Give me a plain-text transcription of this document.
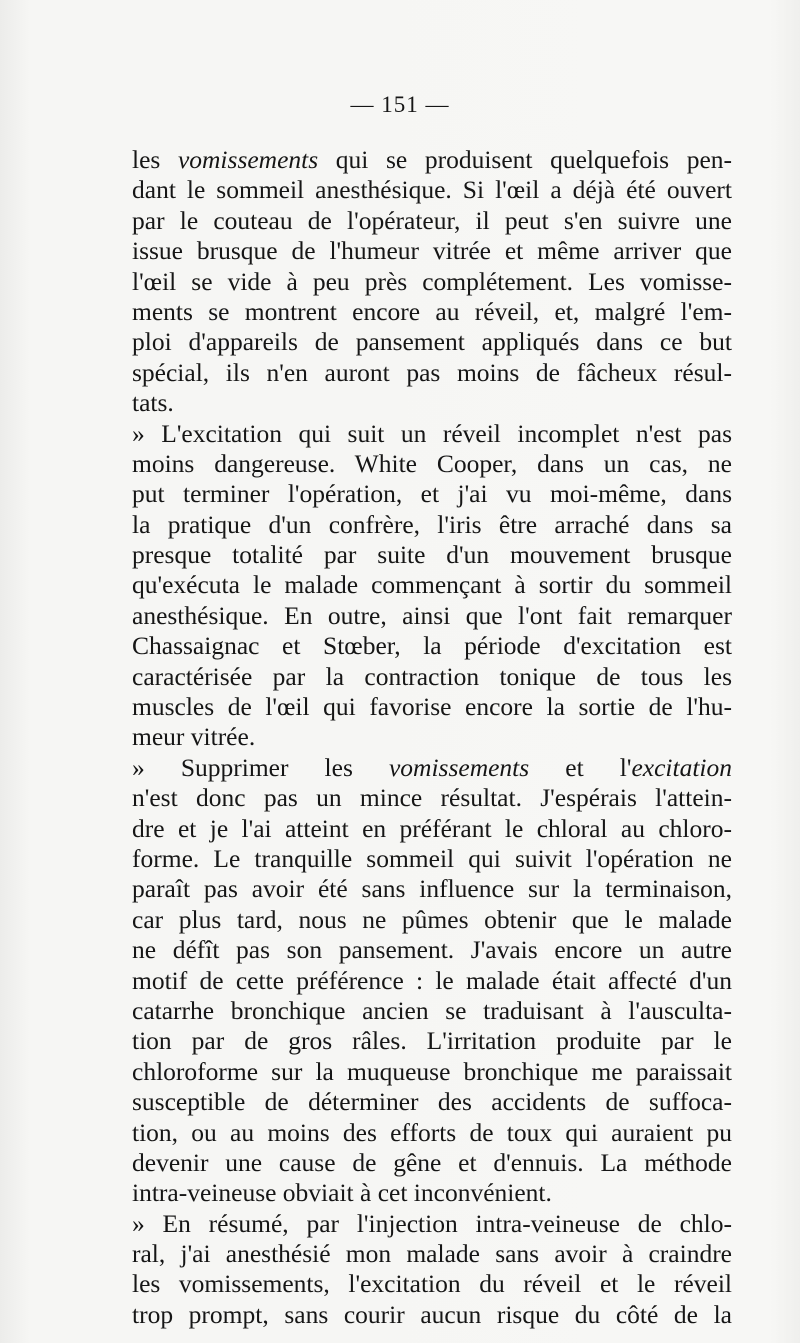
— 151 —
les vomissements qui se produisent quelquefois pen-
dant le sommeil anesthésique. Si l'œil a déjà été ouvert
par le couteau de l'opérateur, il peut s'en suivre une
issue brusque de l'humeur vitrée et même arriver que
l'œil se vide à peu près complétement. Les vomisse-
ments se montrent encore au réveil, et, malgré l'em-
ploi d'appareils de pansement appliqués dans ce but
spécial, ils n'en auront pas moins de fâcheux résul-
tats.
» L'excitation qui suit un réveil incomplet n'est pas
moins dangereuse. White Cooper, dans un cas, ne
put terminer l'opération, et j'ai vu moi-même, dans
la pratique d'un confrère, l'iris être arraché dans sa
presque totalité par suite d'un mouvement brusque
qu'exécuta le malade commençant à sortir du sommeil
anesthésique. En outre, ainsi que l'ont fait remarquer
Chassaignac et Stœber, la période d'excitation est
caractérisée par la contraction tonique de tous les
muscles de l'œil qui favorise encore la sortie de l'hu-
meur vitrée.
» Supprimer les vomissements et l'excitation
n'est donc pas un mince résultat. J'espérais l'attein-
dre et je l'ai atteint en préférant le chloral au chloro-
forme. Le tranquille sommeil qui suivit l'opération ne
paraît pas avoir été sans influence sur la terminaison,
car plus tard, nous ne pûmes obtenir que le malade
ne défît pas son pansement. J'avais encore un autre
motif de cette préférence : le malade était affecté d'un
catarrhe bronchique ancien se traduisant à l'ausculta-
tion par de gros râles. L'irritation produite par le
chloroforme sur la muqueuse bronchique me paraissait
susceptible de déterminer des accidents de suffoca-
tion, ou au moins des efforts de toux qui auraient pu
devenir une cause de gêne et d'ennuis. La méthode
intra-veineuse obviait à cet inconvénient.
» En résumé, par l'injection intra-veineuse de chlo-
ral, j'ai anesthésié mon malade sans avoir à craindre
les vomissements, l'excitation du réveil et le réveil
trop prompt, sans courir aucun risque du côté de la
